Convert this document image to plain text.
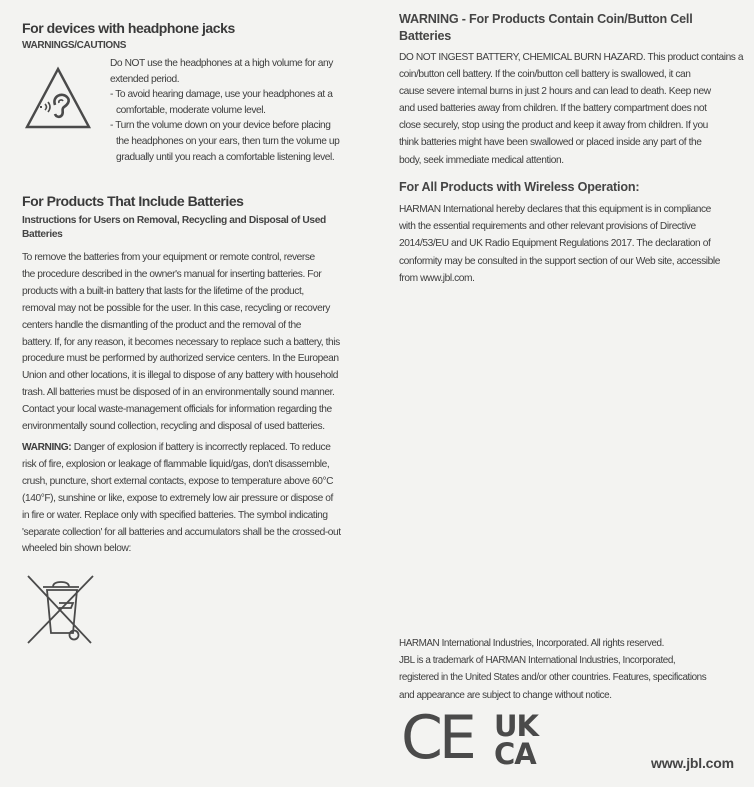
For devices with headphone jacks
WARNINGS/CAUTIONS
Do NOT use the headphones at a high volume for any
extended period.
- To avoid hearing damage, use your headphones at a
comfortable, moderate volume level.
- Turn the volume down on your device before placing
the headphones on your ears, then turn the volume up
gradually until you reach a comfortable listening level.
For Products That Include Batteries
Instructions for Users on Removal, Recycling and Disposal of Used
Batteries
To remove the batteries from your equipment or remote control, reverse
the procedure described in the owner's manual for inserting batteries. For
products with a built-in battery that lasts for the lifetime of the product,
removal may not be possible for the user. In this case, recycling or recovery
centers handle the dismantling of the product and the removal of the
battery. If, for any reason, it becomes necessary to replace such a battery, this
procedure must be performed by authorized service centers. In the European
Union and other locations, it is illegal to dispose of any battery with household
trash. All batteries must be disposed of in an environmentally sound manner.
Contact your local waste-management officials for information regarding the
environmentally sound collection, recycling and disposal of used batteries.
WARNING: Danger of explosion if battery is incorrectly replaced. To reduce
risk of fire, explosion or leakage of flammable liquid/gas, don't disassemble,
crush, puncture, short external contacts, expose to temperature above 60°C
(140°F), sunshine or like, expose to extremely low air pressure or dispose of
in fire or water. Replace only with specified batteries. The symbol indicating
'separate collection' for all batteries and accumulators shall be the crossed-out
wheeled bin shown below:
WARNING - For Products Contain Coin/Button Cell
Batteries
DO NOT INGEST BATTERY, CHEMICAL BURN HAZARD. This product contains a
coin/button cell battery. If the coin/button cell battery is swallowed, it can
cause severe internal burns in just 2 hours and can lead to death. Keep new
and used batteries away from children. If the battery compartment does not
close securely, stop using the product and keep it away from children. If you
think batteries might have been swallowed or placed inside any part of the
body, seek immediate medical attention.
For All Products with Wireless Operation:
HARMAN International hereby declares that this equipment is in compliance
with the essential requirements and other relevant provisions of Directive
2014/53/EU and UK Radio Equipment Regulations 2017. The declaration of
conformity may be consulted in the support section of our Web site, accessible
from www.jbl.com.
HARMAN International Industries, Incorporated. All rights reserved.
JBL is a trademark of HARMAN International Industries, Incorporated,
registered in the United States and/or other countries. Features, specifications
and appearance are subject to change without notice.
CE UK
CA	www.jbl.com
